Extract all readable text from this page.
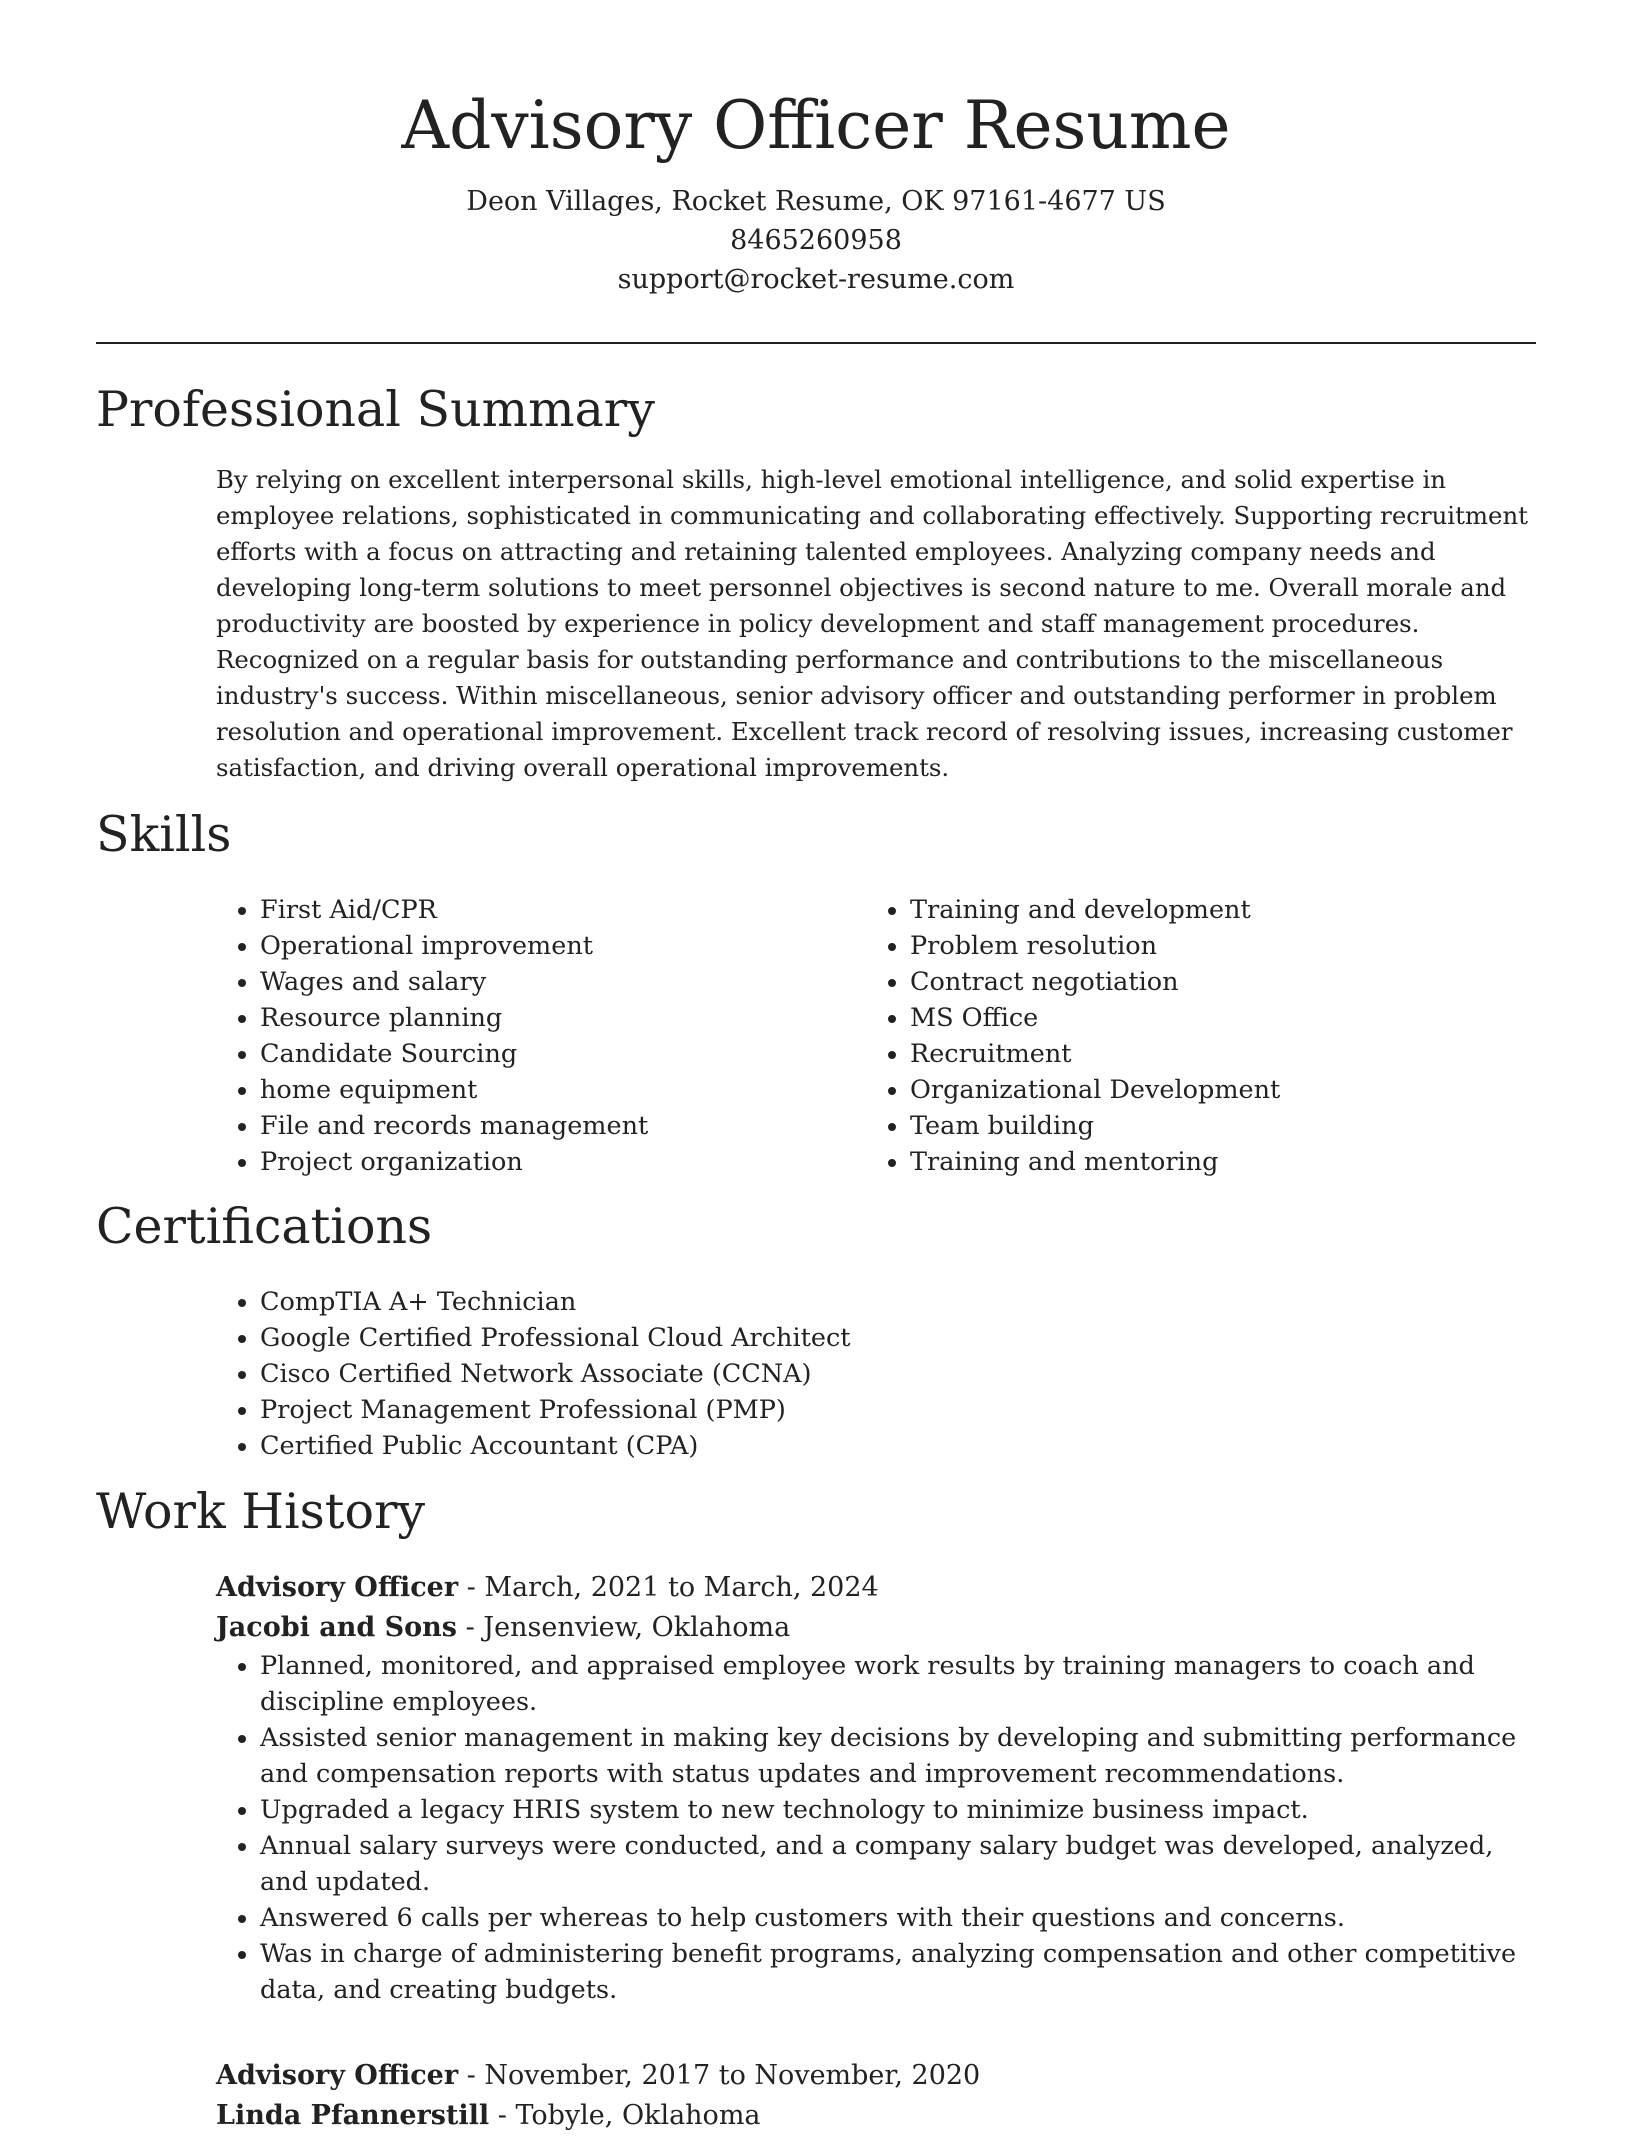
Advisory Officer Resume
Deon Villages, Rocket Resume, OK 97161-4677 US
8465260958
support@rocket-resume.com
Professional Summary

By relying on excellent interpersonal skills, high-level emotional intelligence, and solid expertise in employee relations, sophisticated in communicating and collaborating effectively. Supporting recruitment efforts with a focus on attracting and retaining talented employees. Analyzing company needs and developing long-term solutions to meet personnel objectives is second nature to me. Overall morale and productivity are boosted by experience in policy development and staff management procedures. Recognized on a regular basis for outstanding performance and contributions to the miscellaneous industry's success. Within miscellaneous, senior advisory officer and outstanding performer in problem resolution and operational improvement. Excellent track record of resolving issues, increasing customer satisfaction, and driving overall operational improvements.

Skills
• First Aid/CPR
• Operational improvement
• Wages and salary
• Resource planning
• Candidate Sourcing
• home equipment
• File and records management
• Project organization
• Training and development
• Problem resolution
• Contract negotiation
• MS Office
• Recruitment
• Organizational Development
• Team building
• Training and mentoring
Certifications
• CompTIA A+ Technician
• Google Certified Professional Cloud Architect
• Cisco Certified Network Associate (CCNA)
• Project Management Professional (PMP)
• Certified Public Accountant (CPA)
Work History
Advisory Officer - March, 2021 to March, 2024
Jacobi and Sons - Jensenview, Oklahoma
• Planned, monitored, and appraised employee work results by training managers to coach and discipline employees.
• Assisted senior management in making key decisions by developing and submitting performance and compensation reports with status updates and improvement recommendations.
• Upgraded a legacy HRIS system to new technology to minimize business impact.
• Annual salary surveys were conducted, and a company salary budget was developed, analyzed, and updated.
• Answered 6 calls per whereas to help customers with their questions and concerns.
• Was in charge of administering benefit programs, analyzing compensation and other competitive data, and creating budgets.
Advisory Officer - November, 2017 to November, 2020
Linda Pfannerstill - Tobyle, Oklahoma
